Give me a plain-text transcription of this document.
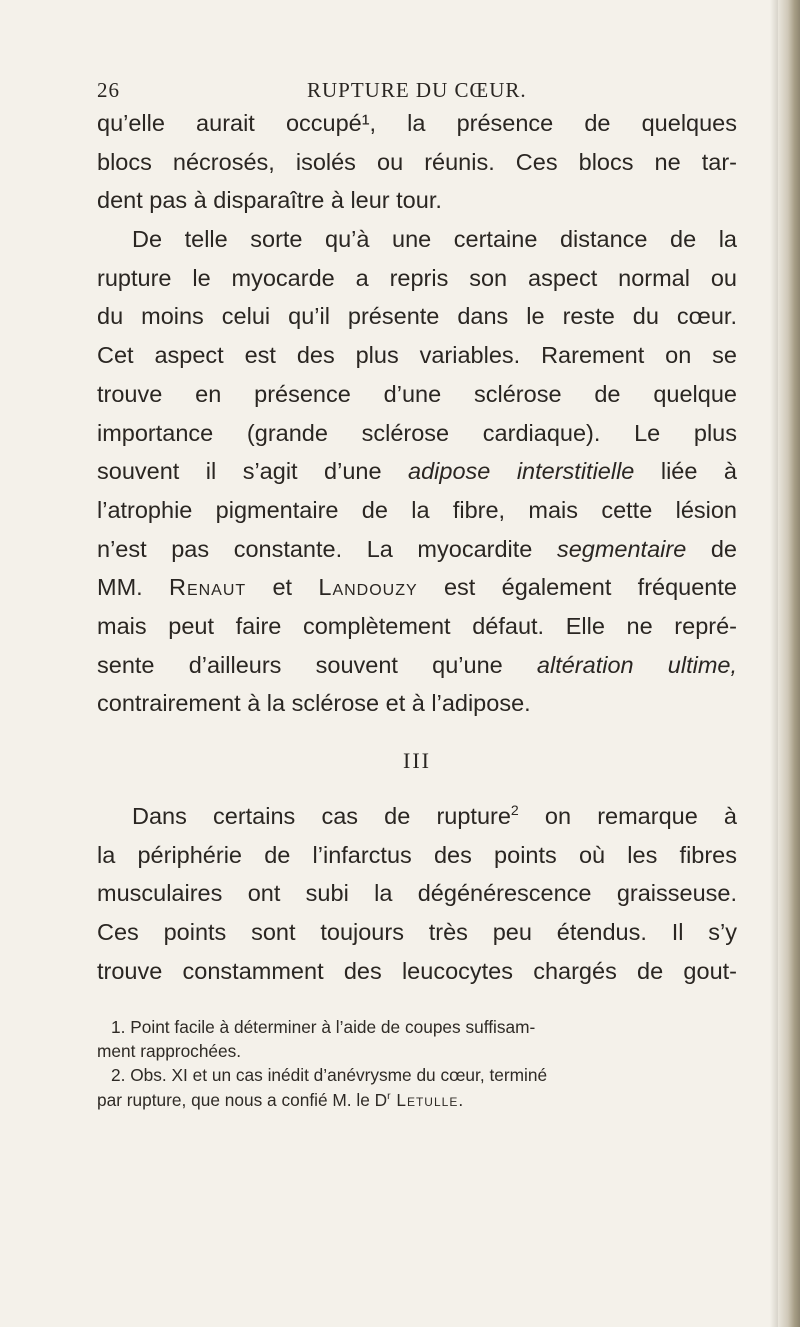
26	RUPTURE DU CŒUR.
qu’elle aurait occupé¹, la présence de quelques
blocs nécrosés, isolés ou réunis. Ces blocs ne tar-
dent pas à disparaître à leur tour.
De telle sorte qu’à une certaine distance de la
rupture le myocarde a repris son aspect normal ou
du moins celui qu’il présente dans le reste du cœur.
Cet aspect est des plus variables. Rarement on se
trouve en présence d’une sclérose de quelque
importance (grande sclérose cardiaque). Le plus
souvent il s’agit d’une adipose interstitielle liée à
l’atrophie pigmentaire de la fibre, mais cette lésion
n’est pas constante. La myocardite segmentaire de
MM. Renaut et Landouzy est également fréquente
mais peut faire complètement défaut. Elle ne repré-
sente d’ailleurs souvent qu’une altération ultime,
contrairement à la sclérose et à l’adipose.
III
Dans certains cas de rupture$^2$ on remarque à
la périphérie de l’infarctus des points où les fibres
musculaires ont subi la dégénérescence graisseuse.
Ces points sont toujours très peu étendus. Il s’y
trouve constamment des leucocytes chargés de gout-
1. Point facile à déterminer à l’aide de coupes suffisam-
ment rapprochées.
2. Obs. XI et un cas inédit d’anévrysme du cœur, terminé
par rupture, que nous a confié M. le $D^r$ Letulle.
